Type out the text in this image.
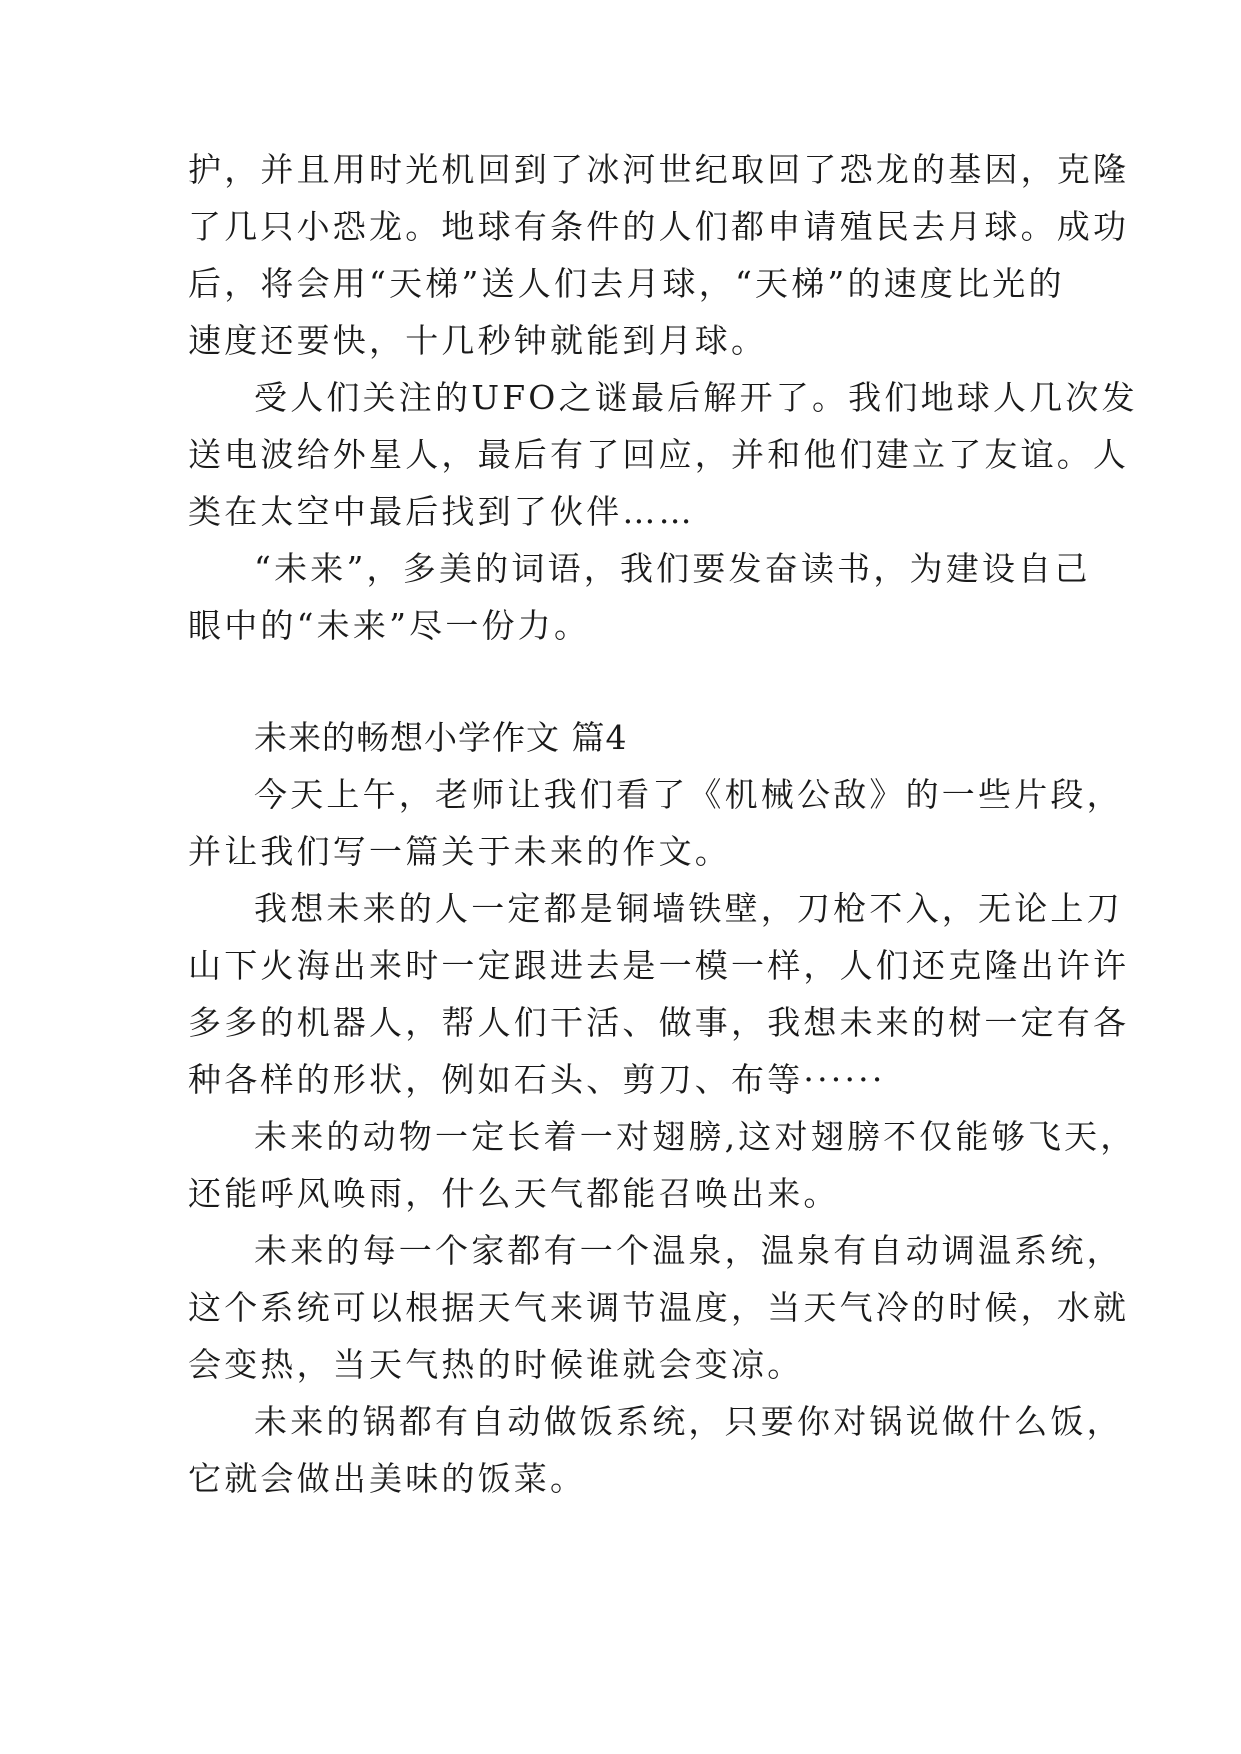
护，并且用时光机回到了冰河世纪取回了恐龙的基因，克隆
了几只小恐龙。地球有条件的人们都申请殖民去月球。成功
后，将会用“天梯”送人们去月球，“天梯”的速度比光的
速度还要快，十几秒钟就能到月球。
受人们关注的UFO之谜最后解开了。我们地球人几次发
送电波给外星人，最后有了回应，并和他们建立了友谊。人
类在太空中最后找到了伙伴……
“未来”，多美的词语，我们要发奋读书，为建设自己
眼中的“未来”尽一份力。
未来的畅想小学作文 篇4
今天上午，老师让我们看了《机械公敌》的一些片段，
并让我们写一篇关于未来的作文。
我想未来的人一定都是铜墙铁壁，刀枪不入，无论上刀
山下火海出来时一定跟进去是一模一样，人们还克隆出许许
多多的机器人，帮人们干活、做事，我想未来的树一定有各
种各样的形状，例如石头、剪刀、布等······
未来的动物一定长着一对翅膀,这对翅膀不仅能够飞天，
还能呼风唤雨，什么天气都能召唤出来。
未来的每一个家都有一个温泉，温泉有自动调温系统，
这个系统可以根据天气来调节温度，当天气冷的时候，水就
会变热，当天气热的时候谁就会变凉。
未来的锅都有自动做饭系统，只要你对锅说做什么饭，
它就会做出美味的饭菜。
